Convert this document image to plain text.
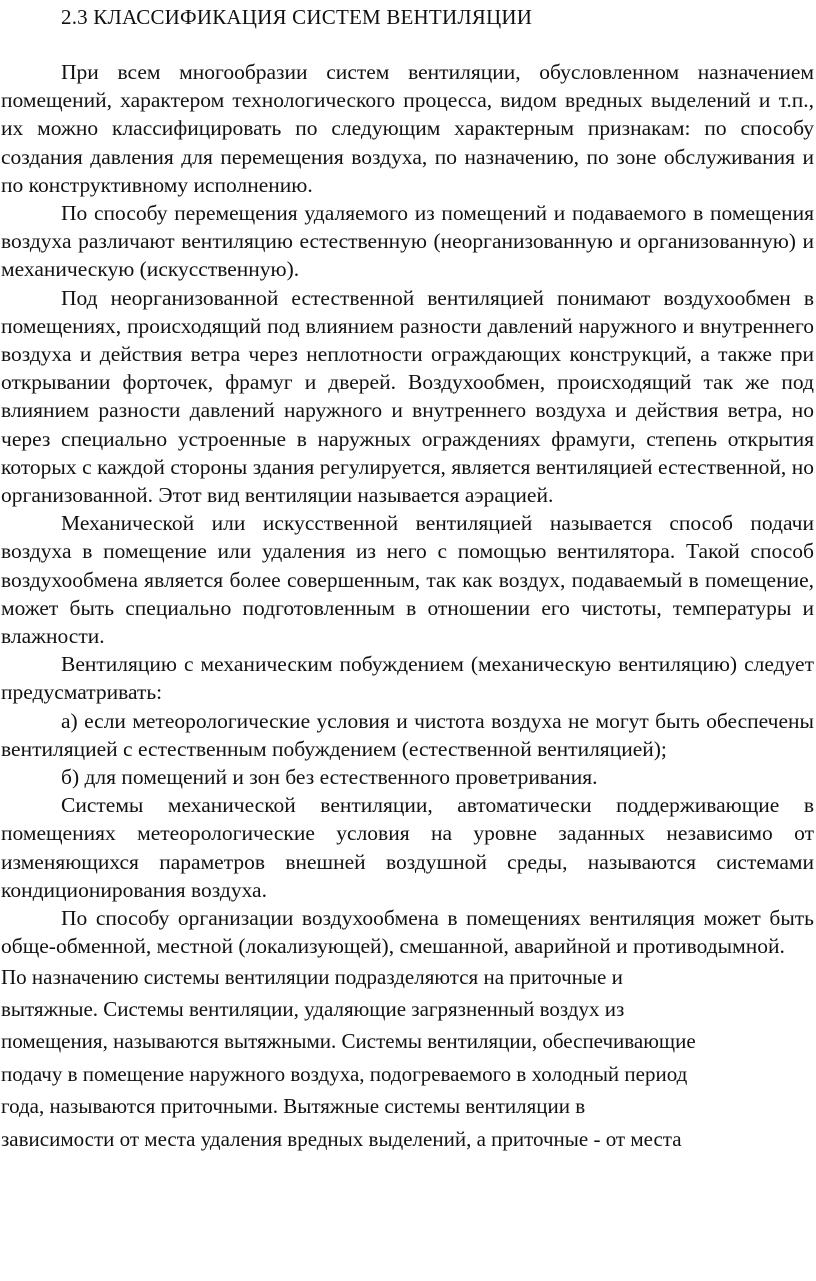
2.3 КЛАССИФИКАЦИЯ СИСТЕМ ВЕНТИЛЯЦИИ

При всем многообразии систем вентиляции, обусловленном назначением помещений, характером технологического процесса, видом вредных выделений и т.п., их можно классифицировать по следующим характерным признакам: по способу создания давления для перемещения воздуха, по назначению, по зоне обслуживания и по конструктивному исполнению.

По способу перемещения удаляемого из помещений и подаваемого в помещения воздуха различают вентиляцию естественную (неорганизованную и организованную) и механическую (искусственную).

Под неорганизованной естественной вентиляцией понимают воздухообмен в помещениях, происходящий под влиянием разности давлений наружного и внутреннего воздуха и действия ветра через неплотности ограждающих конструкций, а также при открывании форточек, фрамуг и дверей. Воздухообмен, происходящий так же под влиянием разности давлений наружного и внутреннего воздуха и действия ветра, но через специально устроенные в наружных ограждениях фрамуги, степень открытия которых с каждой стороны здания регулируется, является вентиляцией естественной, но организованной. Этот вид вентиляции называется аэрацией.

Механической или искусственной вентиляцией называется способ подачи воздуха в помещение или удаления из него с помощью вентилятора. Такой способ воздухообмена является более совершенным, так как воздух, подаваемый в помещение, может быть специально подготовленным в отношении его чистоты, температуры и влажности.

Вентиляцию с механическим побуждением (механическую вентиляцию) следует предусматривать:

а) если метеорологические условия и чистота воздуха не могут быть обеспечены вентиляцией с естественным побуждением (естественной вентиляцией);

б) для помещений и зон без естественного проветривания.

Системы механической вентиляции, автоматически поддерживающие в помещениях метеорологические условия на уровне заданных независимо от изменяющихся параметров внешней воздушной среды, называются системами кондиционирования воздуха.

По способу организации воздухообмена в помещениях вентиляция может быть обще-обменной, местной (локализующей), смешанной, аварийной и противодымной.

По назначению системы вентиляции подразделяются на приточные и

вытяжные. Системы вентиляции, удаляющие загрязненный воздух из

помещения, называются вытяжными. Системы вентиляции, обеспечивающие

подачу в помещение наружного воздуха, подогреваемого в холодный период

года, называются приточными. Вытяжные системы вентиляции в

зависимости от места удаления вредных выделений, а приточные - от места
